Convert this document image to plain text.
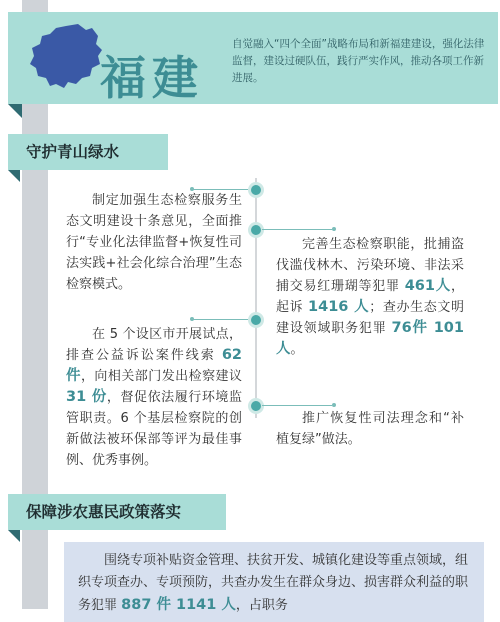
福建
自觉融入“四个全面”战略布局和新福建建设，强化法律监督，建设过硬队伍，践行严实作风，推动各项工作新进展。
守护青山绿水
制定加强生态检察服务生态文明建设十条意见，全面推行“专业化法律监督+恢复性司法实践+社会化综合治理”生态检察模式。
在 5 个设区市开展试点，排查公益诉讼案件线索 62件，向相关部门发出检察建议 31 份，督促依法履行环境监管职责。6 个基层检察院的创新做法被环保部等评为最佳事例、优秀事例。
完善生态检察职能，批捕盗伐滥伐林木、污染环境、非法采捕交易红珊瑚等犯罪 461人，起诉 1416 人；查办生态文明建设领域职务犯罪 76件 101 人。
推广恢复性司法理念和“补植复绿”做法。
保障涉农惠民政策落实
围绕专项补贴资金管理、扶贫开发、城镇化建设等重点领域，组织专项查办、专项预防，共查办发生在群众身边、损害群众利益的职务犯罪 887 件 1141 人，占职务
